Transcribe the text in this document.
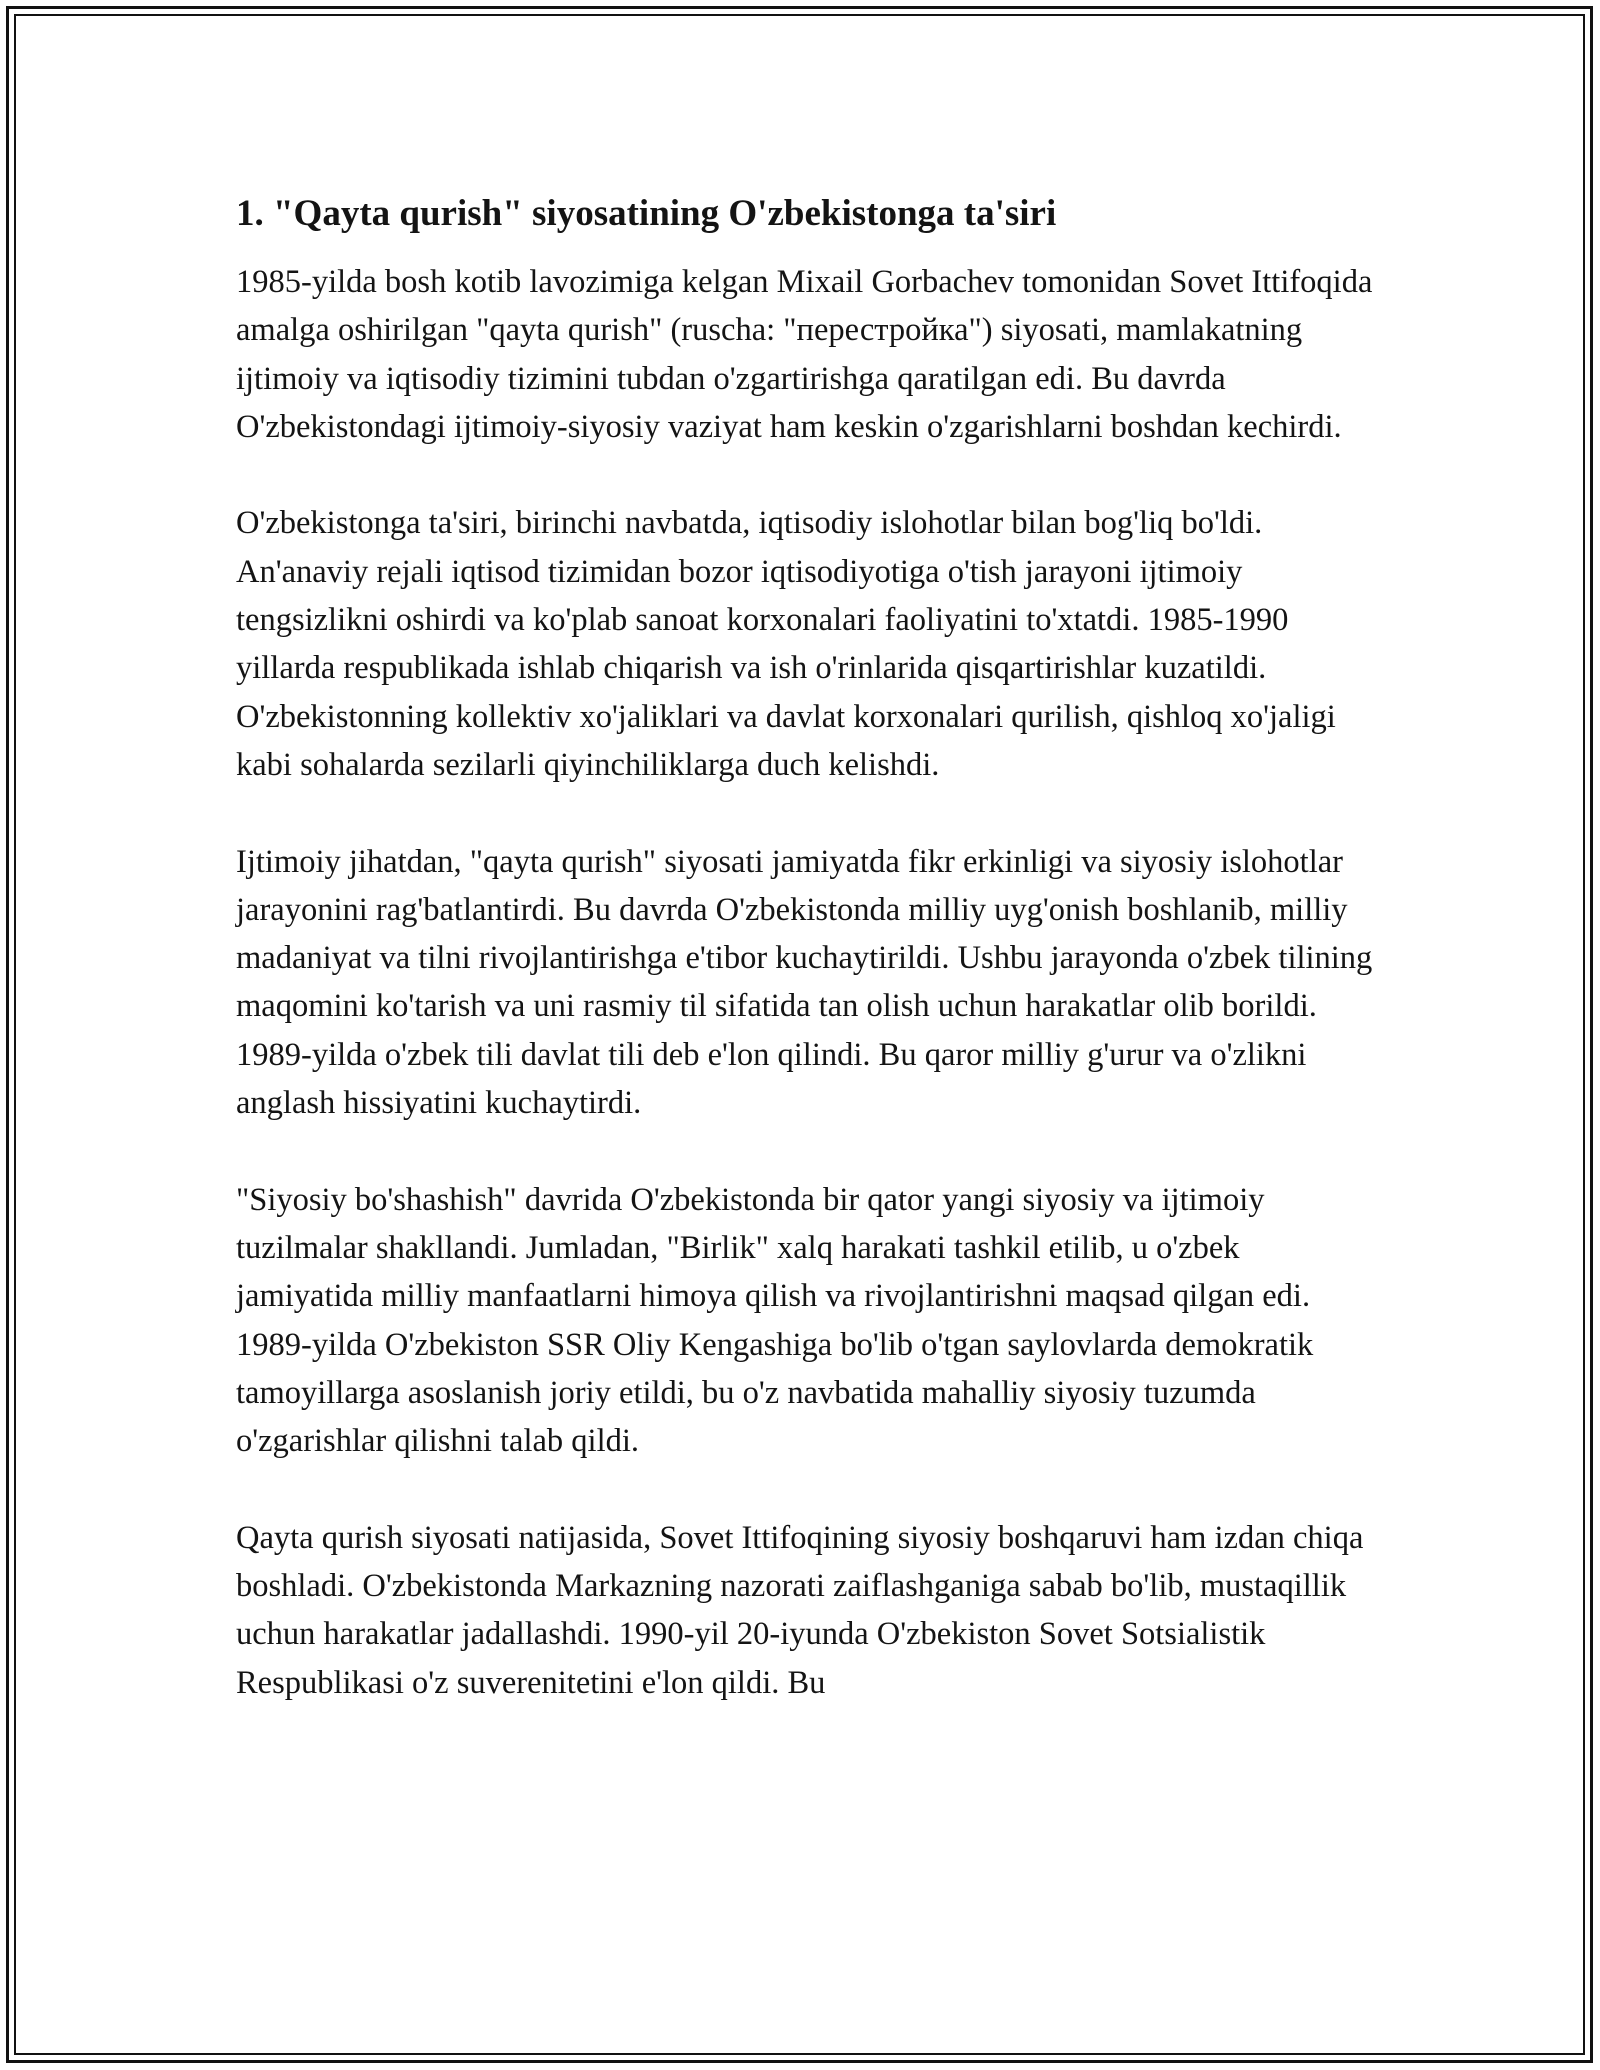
1. "Qayta qurish" siyosatining O'zbekistonga ta'siri

1985-yilda bosh kotib lavozimiga kelgan Mixail Gorbachev tomonidan Sovet Ittifoqida amalga oshirilgan "qayta qurish" (ruscha: "перестройка") siyosati, mamlakatning ijtimoiy va iqtisodiy tizimini tubdan o'zgartirishga qaratilgan edi. Bu davrda O'zbekistondagi ijtimoiy-siyosiy vaziyat ham keskin o'zgarishlarni boshdan kechirdi.

O'zbekistonga ta'siri, birinchi navbatda, iqtisodiy islohotlar bilan bog'liq bo'ldi. An'anaviy rejali iqtisod tizimidan bozor iqtisodiyotiga o'tish jarayoni ijtimoiy tengsizlikni oshirdi va ko'plab sanoat korxonalari faoliyatini to'xtatdi. 1985-1990 yillarda respublikada ishlab chiqarish va ish o'rinlarida qisqartirishlar kuzatildi. O'zbekistonning kollektiv xo'jaliklari va davlat korxonalari qurilish, qishloq xo'jaligi kabi sohalarda sezilarli qiyinchiliklarga duch kelishdi.

Ijtimoiy jihatdan, "qayta qurish" siyosati jamiyatda fikr erkinligi va siyosiy islohotlar jarayonini rag'batlantirdi. Bu davrda O'zbekistonda milliy uyg'onish boshlanib, milliy madaniyat va tilni rivojlantirishga e'tibor kuchaytirildi. Ushbu jarayonda o'zbek tilining maqomini ko'tarish va uni rasmiy til sifatida tan olish uchun harakatlar olib borildi. 1989-yilda o'zbek tili davlat tili deb e'lon qilindi. Bu qaror milliy g'urur va o'zlikni anglash hissiyatini kuchaytirdi.

"Siyosiy bo'shashish" davrida O'zbekistonda bir qator yangi siyosiy va ijtimoiy tuzilmalar shakllandi. Jumladan, "Birlik" xalq harakati tashkil etilib, u o'zbek jamiyatida milliy manfaatlarni himoya qilish va rivojlantirishni maqsad qilgan edi. 1989-yilda O'zbekiston SSR Oliy Kengashiga bo'lib o'tgan saylovlarda demokratik tamoyillarga asoslanish joriy etildi, bu o'z navbatida mahalliy siyosiy tuzumda o'zgarishlar qilishni talab qildi.

Qayta qurish siyosati natijasida, Sovet Ittifoqining siyosiy boshqaruvi ham izdan chiqa boshladi. O'zbekistonda Markazning nazorati zaiflashganiga sabab bo'lib, mustaqillik uchun harakatlar jadallashdi. 1990-yil 20-iyunda O'zbekiston Sovet Sotsialistik Respublikasi o'z suverenitetini e'lon qildi. Bu
